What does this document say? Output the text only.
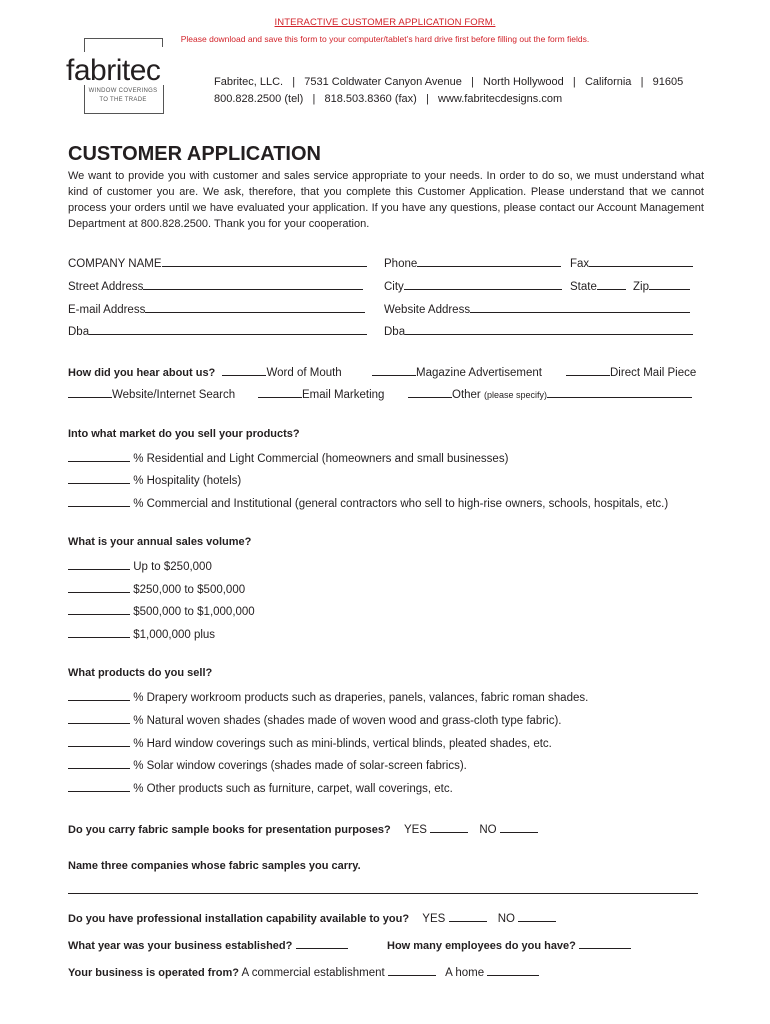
INTERACTIVE CUSTOMER APPLICATION FORM.
Please download and save this form to your computer/tablet’s hard drive first before filling out the form fields.
fabritec
WINDOW COVERINGS
TO THE TRADE
Fabritec, LLC.   |   7531 Coldwater Canyon Avenue   |   North Hollywood   |   California   |   91605
800.828.2500 (tel)   |   818.503.8360 (fax)   |   www.fabritecdesigns.com
CUSTOMER APPLICATION
We want to provide you with customer and sales service appropriate to your needs. In order to do so, we must understand what kind of customer you are. We ask, therefore, that you complete this Customer Application. Please understand that we cannot process your orders until we have evaluated your application. If you have any questions, please contact our Account Management Department at 800.828.2500. Thank you for your cooperation.
COMPANY NAME	Phone	Fax
Street Address	City	State	Zip
E-mail Address	Website Address
Dba	Dba
How did you hear about us?	Word of Mouth	Magazine Advertisement	Direct Mail Piece
Website/Internet Search	Email Marketing	Other (please specify)
Into what market do you sell your products?
% Residential and Light Commercial (homeowners and small businesses)
% Hospitality (hotels)
% Commercial and Institutional (general contractors who sell to high-rise owners, schools, hospitals, etc.)
What is your annual sales volume?
Up to $250,000
$250,000 to $500,000
$500,000 to $1,000,000
$1,000,000 plus
What products do you sell?
% Drapery workroom products such as draperies, panels, valances, fabric roman shades.
% Natural woven shades (shades made of woven wood and grass-cloth type fabric).
% Hard window coverings such as mini-blinds, vertical blinds, pleated shades, etc.
% Solar window coverings (shades made of solar-screen fabrics).
% Other products such as furniture, carpet, wall coverings, etc.
Do you carry fabric sample books for presentation purposes? YES	NO
Name three companies whose fabric samples you carry.
Do you have professional installation capability available to you? YES	NO
What year was your business established?	How many employees do you have?
Your business is operated from? A commercial establishment	A home
